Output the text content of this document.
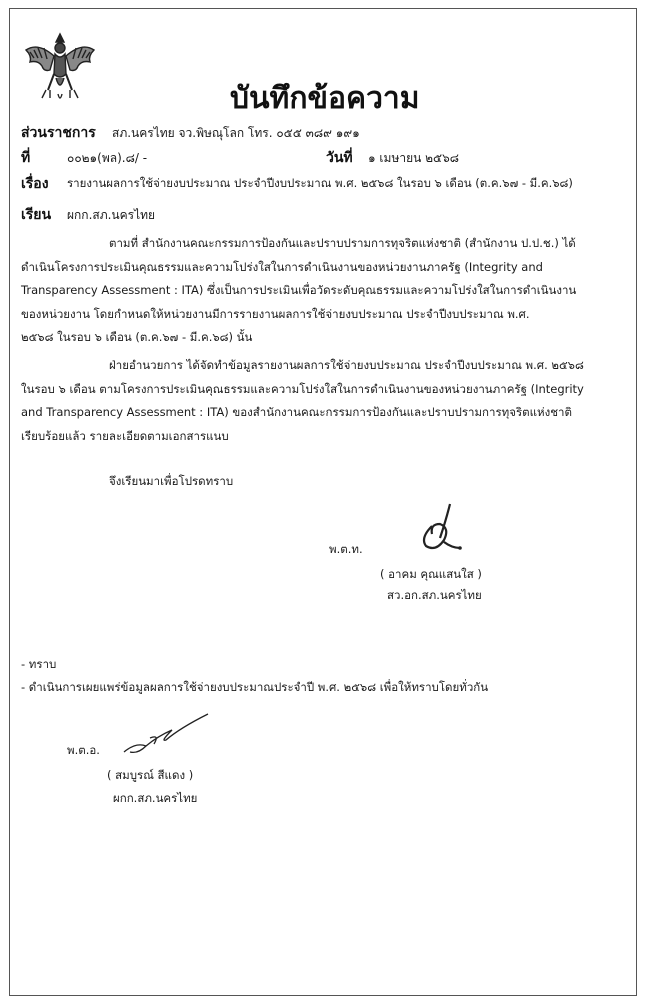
บันทึกข้อความ
ส่วนราชการ สภ.นครไทย จว.พิษณุโลก โทร. ๐๕๕ ๓๘๙ ๑๙๑
ที่	๐๐๒๑(พล).๘/ -	วันที่ ๑ เมษายน ๒๕๖๘
เรื่อง รายงานผลการใช้จ่ายงบประมาณ ประจำปีงบประมาณ พ.ศ. ๒๕๖๘ ในรอบ ๖ เดือน (ต.ค.๖๗ - มี.ค.๖๘)
เรียน ผกก.สภ.นครไทย
ตามที่ สำนักงานคณะกรรมการป้องกันและปราบปรามการทุจริตแห่งชาติ (สำนักงาน ป.ป.ช.) ได้
ดำเนินโครงการประเมินคุณธรรมและความโปร่งใสในการดำเนินงานของหน่วยงานภาครัฐ (Integrity and
Transparency Assessment : ITA) ซึ่งเป็นการประเมินเพื่อวัดระดับคุณธรรมและความโปร่งใสในการดำเนินงาน
ของหน่วยงาน โดยกำหนดให้หน่วยงานมีการรายงานผลการใช้จ่ายงบประมาณ ประจำปีงบประมาณ พ.ศ.
๒๕๖๘ ในรอบ ๖ เดือน (ต.ค.๖๗ - มี.ค.๖๘) นั้น
ฝ่ายอำนวยการ ได้จัดทำข้อมูลรายงานผลการใช้จ่ายงบประมาณ ประจำปีงบประมาณ พ.ศ. ๒๕๖๘
ในรอบ ๖ เดือน ตามโครงการประเมินคุณธรรมและความโปร่งใสในการดำเนินงานของหน่วยงานภาครัฐ (Integrity
and Transparency Assessment : ITA) ของสำนักงานคณะกรรมการป้องกันและปราบปรามการทุจริตแห่งชาติ
เรียบร้อยแล้ว รายละเอียดตามเอกสารแนบ
จึงเรียนมาเพื่อโปรดทราบ
พ.ต.ท.
( อาคม คุณแสนใส )
สว.อก.สภ.นครไทย
- ทราบ
- ดำเนินการเผยแพร่ข้อมูลผลการใช้จ่ายงบประมาณประจำปี พ.ศ. ๒๕๖๘ เพื่อให้ทราบโดยทั่วกัน
พ.ต.อ.
( สมบูรณ์ สีแดง )
ผกก.สภ.นครไทย
